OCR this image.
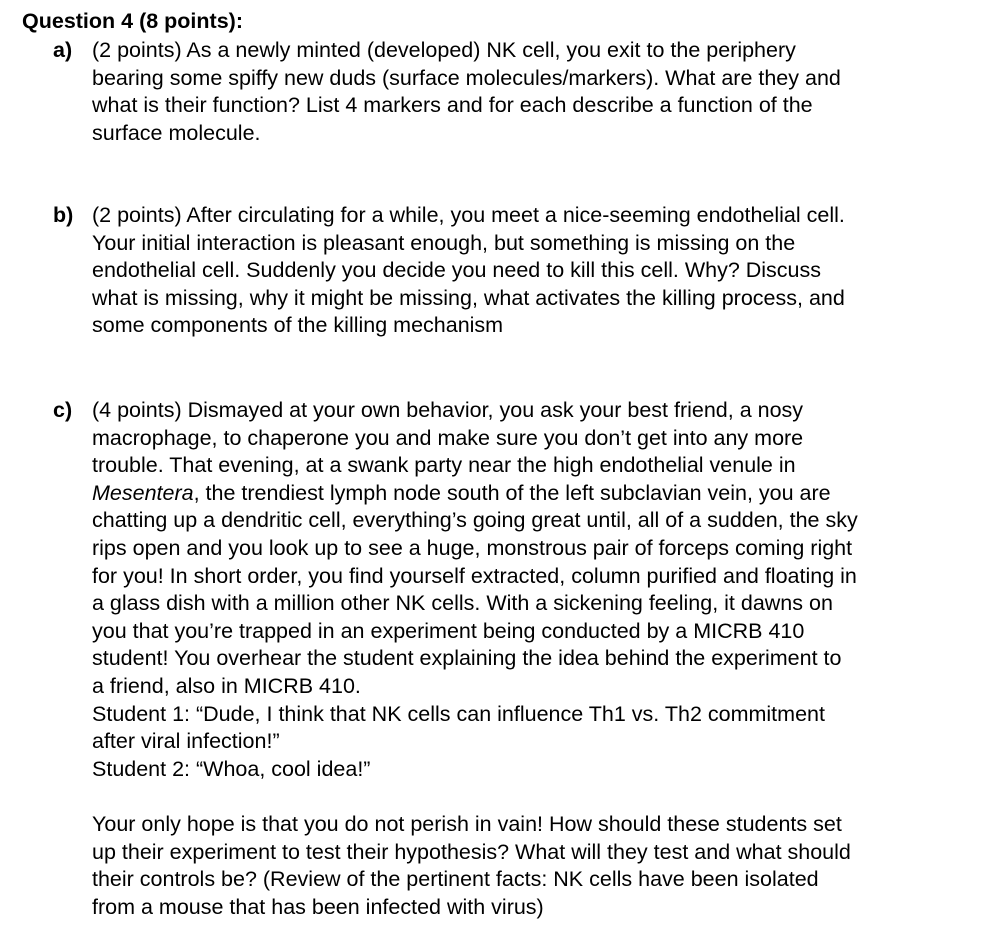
Question 4 (8 points):
a) (2 points) As a newly minted (developed) NK cell, you exit to the periphery
bearing some spiffy new duds (surface molecules/markers). What are they and
what is their function? List 4 markers and for each describe a function of the
surface molecule.
b) (2 points) After circulating for a while, you meet a nice-seeming endothelial cell.
Your initial interaction is pleasant enough, but something is missing on the
endothelial cell. Suddenly you decide you need to kill this cell. Why? Discuss
what is missing, why it might be missing, what activates the killing process, and
some components of the killing mechanism
c) (4 points) Dismayed at your own behavior, you ask your best friend, a nosy
macrophage, to chaperone you and make sure you don’t get into any more
trouble. That evening, at a swank party near the high endothelial venule in
Mesentera, the trendiest lymph node south of the left subclavian vein, you are
chatting up a dendritic cell, everything’s going great until, all of a sudden, the sky
rips open and you look up to see a huge, monstrous pair of forceps coming right
for you! In short order, you find yourself extracted, column purified and floating in
a glass dish with a million other NK cells. With a sickening feeling, it dawns on
you that you’re trapped in an experiment being conducted by a MICRB 410
student! You overhear the student explaining the idea behind the experiment to
a friend, also in MICRB 410.
Student 1: “Dude, I think that NK cells can influence Th1 vs. Th2 commitment
after viral infection!”
Student 2: “Whoa, cool idea!”
Your only hope is that you do not perish in vain! How should these students set
up their experiment to test their hypothesis? What will they test and what should
their controls be? (Review of the pertinent facts: NK cells have been isolated
from a mouse that has been infected with virus)
